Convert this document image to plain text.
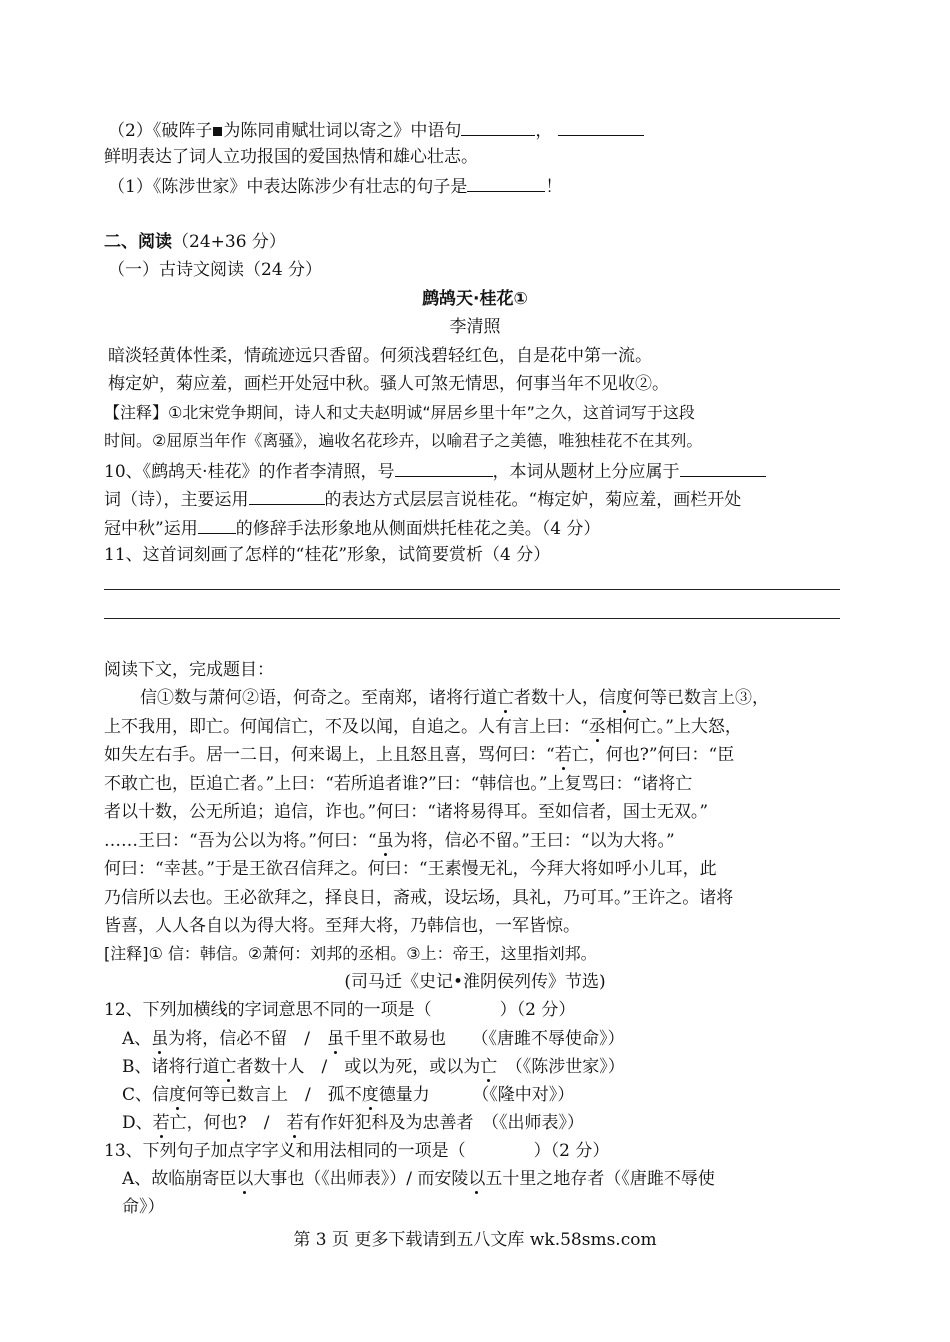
（2）《破阵子 为陈同甫赋壮词以寄之》中语句	，
鲜明表达了词人立功报国的爱国热情和雄心壮志。
（1）《陈涉世家》中表达陈涉少有壮志的句子是	！
二、阅读（24+36 分）
（一）古诗文阅读（24 分）
鹧鸪天·桂花①
李清照
暗淡轻黄体性柔，情疏迹远只香留。何须浅碧轻红色，自是花中第一流。
梅定妒，菊应羞，画栏开处冠中秋。骚人可煞无情思，何事当年不见收②。
【注释】①北宋党争期间，诗人和丈夫赵明诚“屏居乡里十年”之久，这首词写于这段
时间。②屈原当年作《离骚》，遍收名花珍卉，以喻君子之美德，唯独桂花不在其列。
10、《鹧鸪天·桂花》的作者李清照，号	，本词从题材上分应属于
词（诗），主要运用	的表达方式层层言说桂花。“梅定妒，菊应羞，画栏开处
冠中秋”运用 的修辞手法形象地从侧面烘托桂花之美。（4 分）
11、这首词刻画了怎样的“桂花”形象，试简要赏析（4 分）
阅读下文，完成题目：
信①数与萧何②语，何奇之。至南郑，诸将行道亡者数十人，信度何等已数言上③，
上不我用，即亡。何闻信亡，不及以闻，自追之。人有言上曰：“丞相何亡。”上大怒，
如失左右手。居一二日，何来谒上，上且怒且喜，骂何曰：“若亡，何也?”何曰：“臣
不敢亡也，臣追亡者。”上曰：“若所追者谁?”曰：“韩信也。”上复骂曰：“诸将亡
者以十数，公无所追；追信，诈也。”何曰：“诸将易得耳。至如信者，国士无双。”
……王曰：“吾为公以为将。”何曰：“虽为将，信必不留。”王曰：“以为大将。”
何曰：“幸甚。”于是王欲召信拜之。何曰：“王素慢无礼，今拜大将如呼小儿耳，此
乃信所以去也。王必欲拜之，择良日，斋戒，设坛场，具礼，乃可耳。”王许之。诸将
皆喜，人人各自以为得大将。至拜大将，乃韩信也，一军皆惊。
[注释]① 信：韩信。②萧何：刘邦的丞相。③上：帝王，这里指刘邦。
(司马迁《史记•淮阴侯列传》节选)
12、下列加横线的字词意思不同的一项是（　　　　）（2 分）
A、虽为将，信必不留　/　虽千里不敢易也　　（《唐雎不辱使命》）
B、诸将行道亡者数十人　/　或以为死，或以为亡　（《陈涉世家》）
C、信度何等已数言上　/　孤不度德量力　　　（《隆中对》）
D、若亡，何也?　/　若有作奸犯科及为忠善者　（《出师表》）
13、下列句子加点字字义和用法相同的一项是（　　　　）（2 分）
A、故临崩寄臣以大事也（《出师表》）/ 而安陵以五十里之地存者（《唐雎不辱使
命》）
第 3 页 更多下载请到五八文库 wk.58sms.com
